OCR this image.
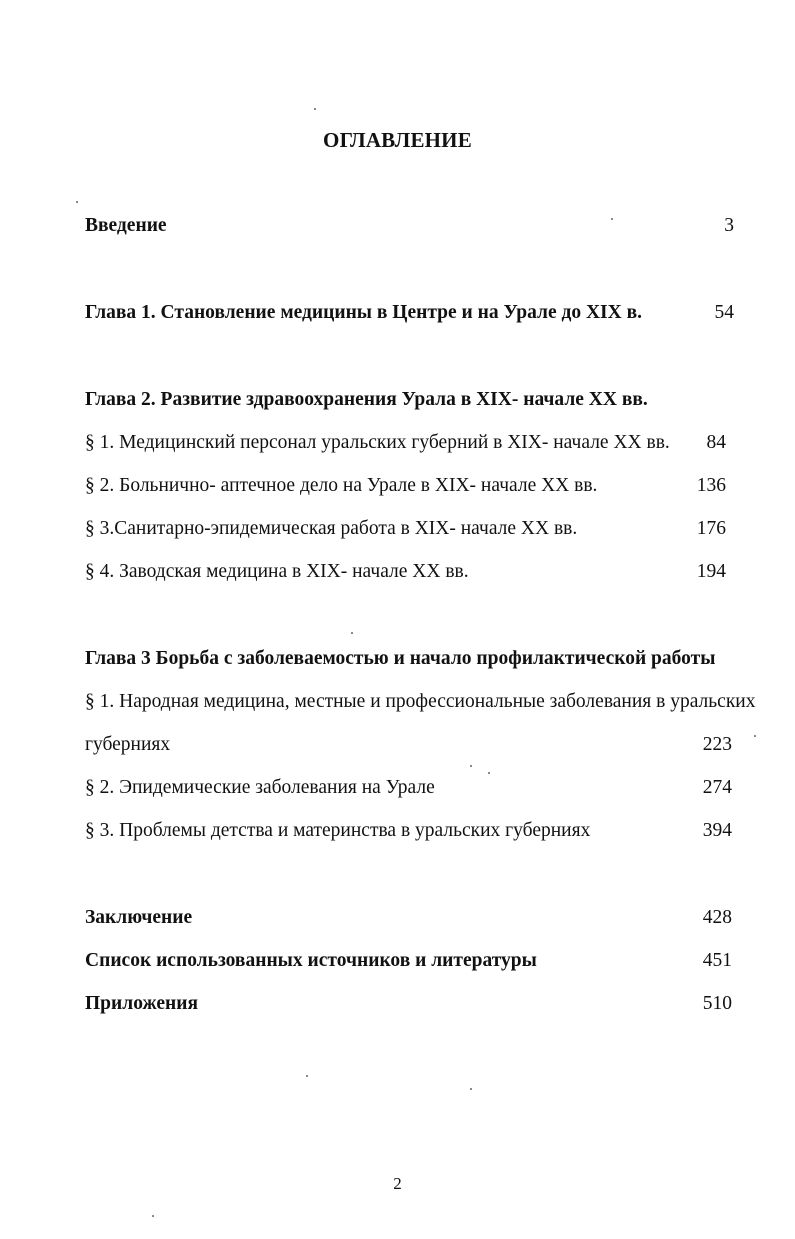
ОГЛАВЛЕНИЕ
Введение	3
Глава 1. Становление медицины в Центре и на Урале до XIX в.	54
Глава 2. Развитие здравоохранения Урала в XIX- начале XX вв.
§ 1. Медицинский персонал уральских губерний в XIX- начале XX вв. 84
§ 2. Больнично- аптечное дело на Урале в XIX- начале XX вв.	136
§ 3.Санитарно-эпидемическая работа в XIX- начале XX вв.	176
§ 4. Заводская медицина в XIX- начале XX вв.	194
Глава 3 Борьба с заболеваемостью и начало профилактической работы
§ 1. Народная медицина, местные и профессиональные заболевания в уральских
губерниях	223
§ 2. Эпидемические заболевания на Урале	274
§ 3. Проблемы детства и материнства в уральских губерниях	394
Заключение	428
Список использованных источников и литературы	451
Приложения	510
2
